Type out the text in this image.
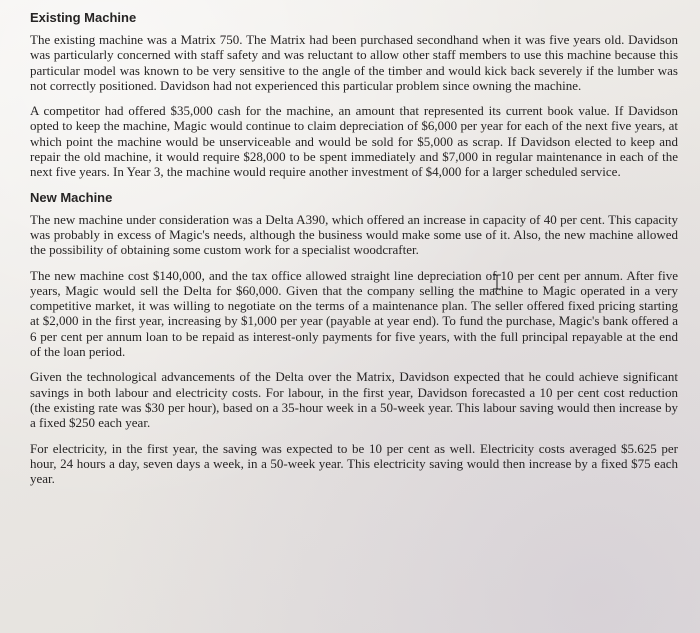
Existing Machine

The existing machine was a Matrix 750. The Matrix had been purchased secondhand when it was five years old. Davidson was particularly concerned with staff safety and was reluctant to allow other staff members to use this machine because this particular model was known to be very sensitive to the angle of the timber and would kick back severely if the lumber was not correctly positioned. Davidson had not experienced this particular problem since owning the machine.

A competitor had offered $35,000 cash for the machine, an amount that represented its current book value. If Davidson opted to keep the machine, Magic would continue to claim depreciation of $6,000 per year for each of the next five years, at which point the machine would be unserviceable and would be sold for $5,000 as scrap. If Davidson elected to keep and repair the old machine, it would require $28,000 to be spent immediately and $7,000 in regular maintenance in each of the next five years. In Year 3, the machine would require another investment of $4,000 for a larger scheduled service.

New Machine

The new machine under consideration was a Delta A390, which offered an increase in capacity of 40 per cent. This capacity was probably in excess of Magic's needs, although the business would make some use of it. Also, the new machine allowed the possibility of obtaining some custom work for a specialist woodcrafter.

The new machine cost $140,000, and the tax office allowed straight line depreciation of 10 per cent per annum. After five years, Magic would sell the Delta for $60,000. Given that the company selling the machine to Magic operated in a very competitive market, it was willing to negotiate on the terms of a maintenance plan. The seller offered fixed pricing starting at $2,000 in the first year, increasing by $1,000 per year (payable at year end). To fund the purchase, Magic's bank offered a 6 per cent per annum loan to be repaid as interest-only payments for five years, with the full principal repayable at the end of the loan period.

Given the technological advancements of the Delta over the Matrix, Davidson expected that he could achieve significant savings in both labour and electricity costs. For labour, in the first year, Davidson forecasted a 10 per cent cost reduction (the existing rate was $30 per hour), based on a 35-hour week in a 50-week year. This labour saving would then increase by a fixed $250 each year.

For electricity, in the first year, the saving was expected to be 10 per cent as well. Electricity costs averaged $5.625 per hour, 24 hours a day, seven days a week, in a 50-week year. This electricity saving would then increase by a fixed $75 each year.
